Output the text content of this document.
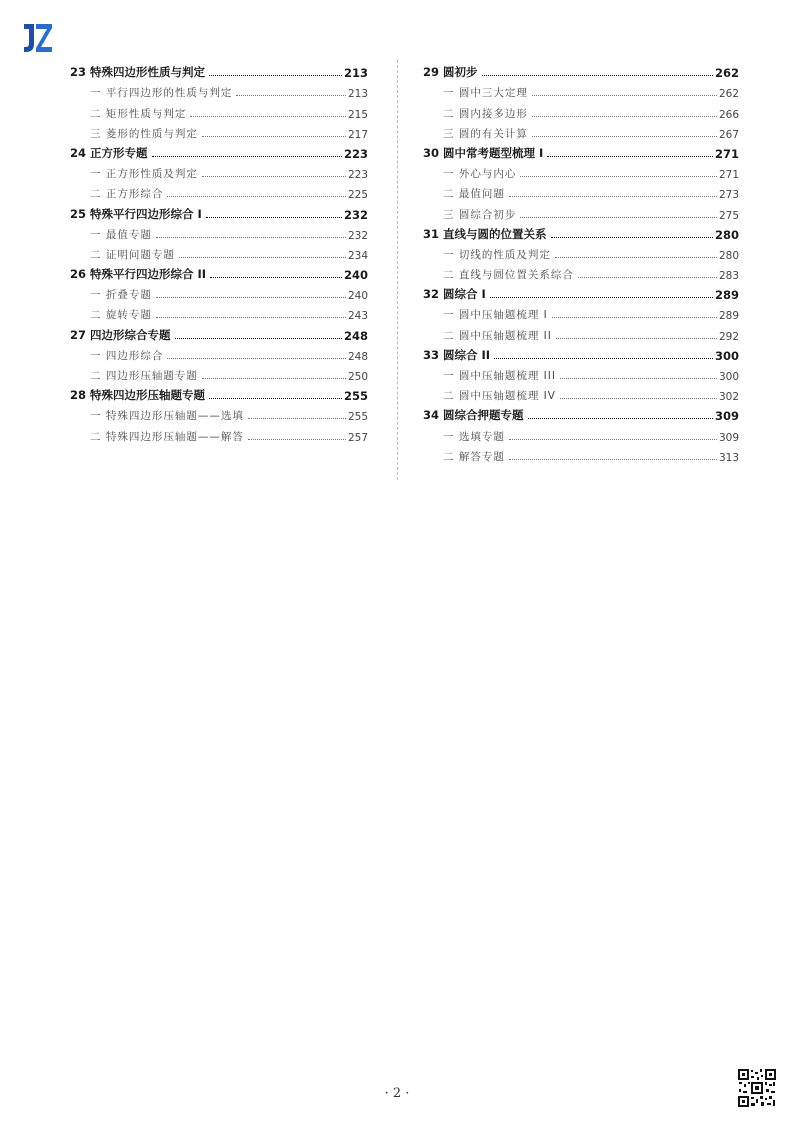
23 特殊四边形性质与判定	213
一 平行四边形的性质与判定	213
二 矩形性质与判定	215
三 菱形的性质与判定	217
24 正方形专题	223
一 正方形性质及判定	223
二 正方形综合	225
25 特殊平行四边形综合 I	232
一 最值专题	232
二 证明问题专题	234
26 特殊平行四边形综合 II	240
一 折叠专题	240
二 旋转专题	243
27 四边形综合专题	248
一 四边形综合	248
二 四边形压轴题专题	250
28 特殊四边形压轴题专题	255
一 特殊四边形压轴题——选填	255
二 特殊四边形压轴题——解答	257
29 圆初步	262
一 圆中三大定理	262
二 圆内接多边形	266
三 圆的有关计算	267
30 圆中常考题型梳理 I	271
一 外心与内心	271
二 最值问题	273
三 圆综合初步	275
31 直线与圆的位置关系	280
一 切线的性质及判定	280
二 直线与圆位置关系综合	283
32 圆综合 I	289
一 圆中压轴题梳理 I	289
二 圆中压轴题梳理 II	292
33 圆综合 II	300
一 圆中压轴题梳理 III	300
二 圆中压轴题梳理 IV	302
34 圆综合押题专题	309
一 选填专题	309
二 解答专题	313
· 2 ·
